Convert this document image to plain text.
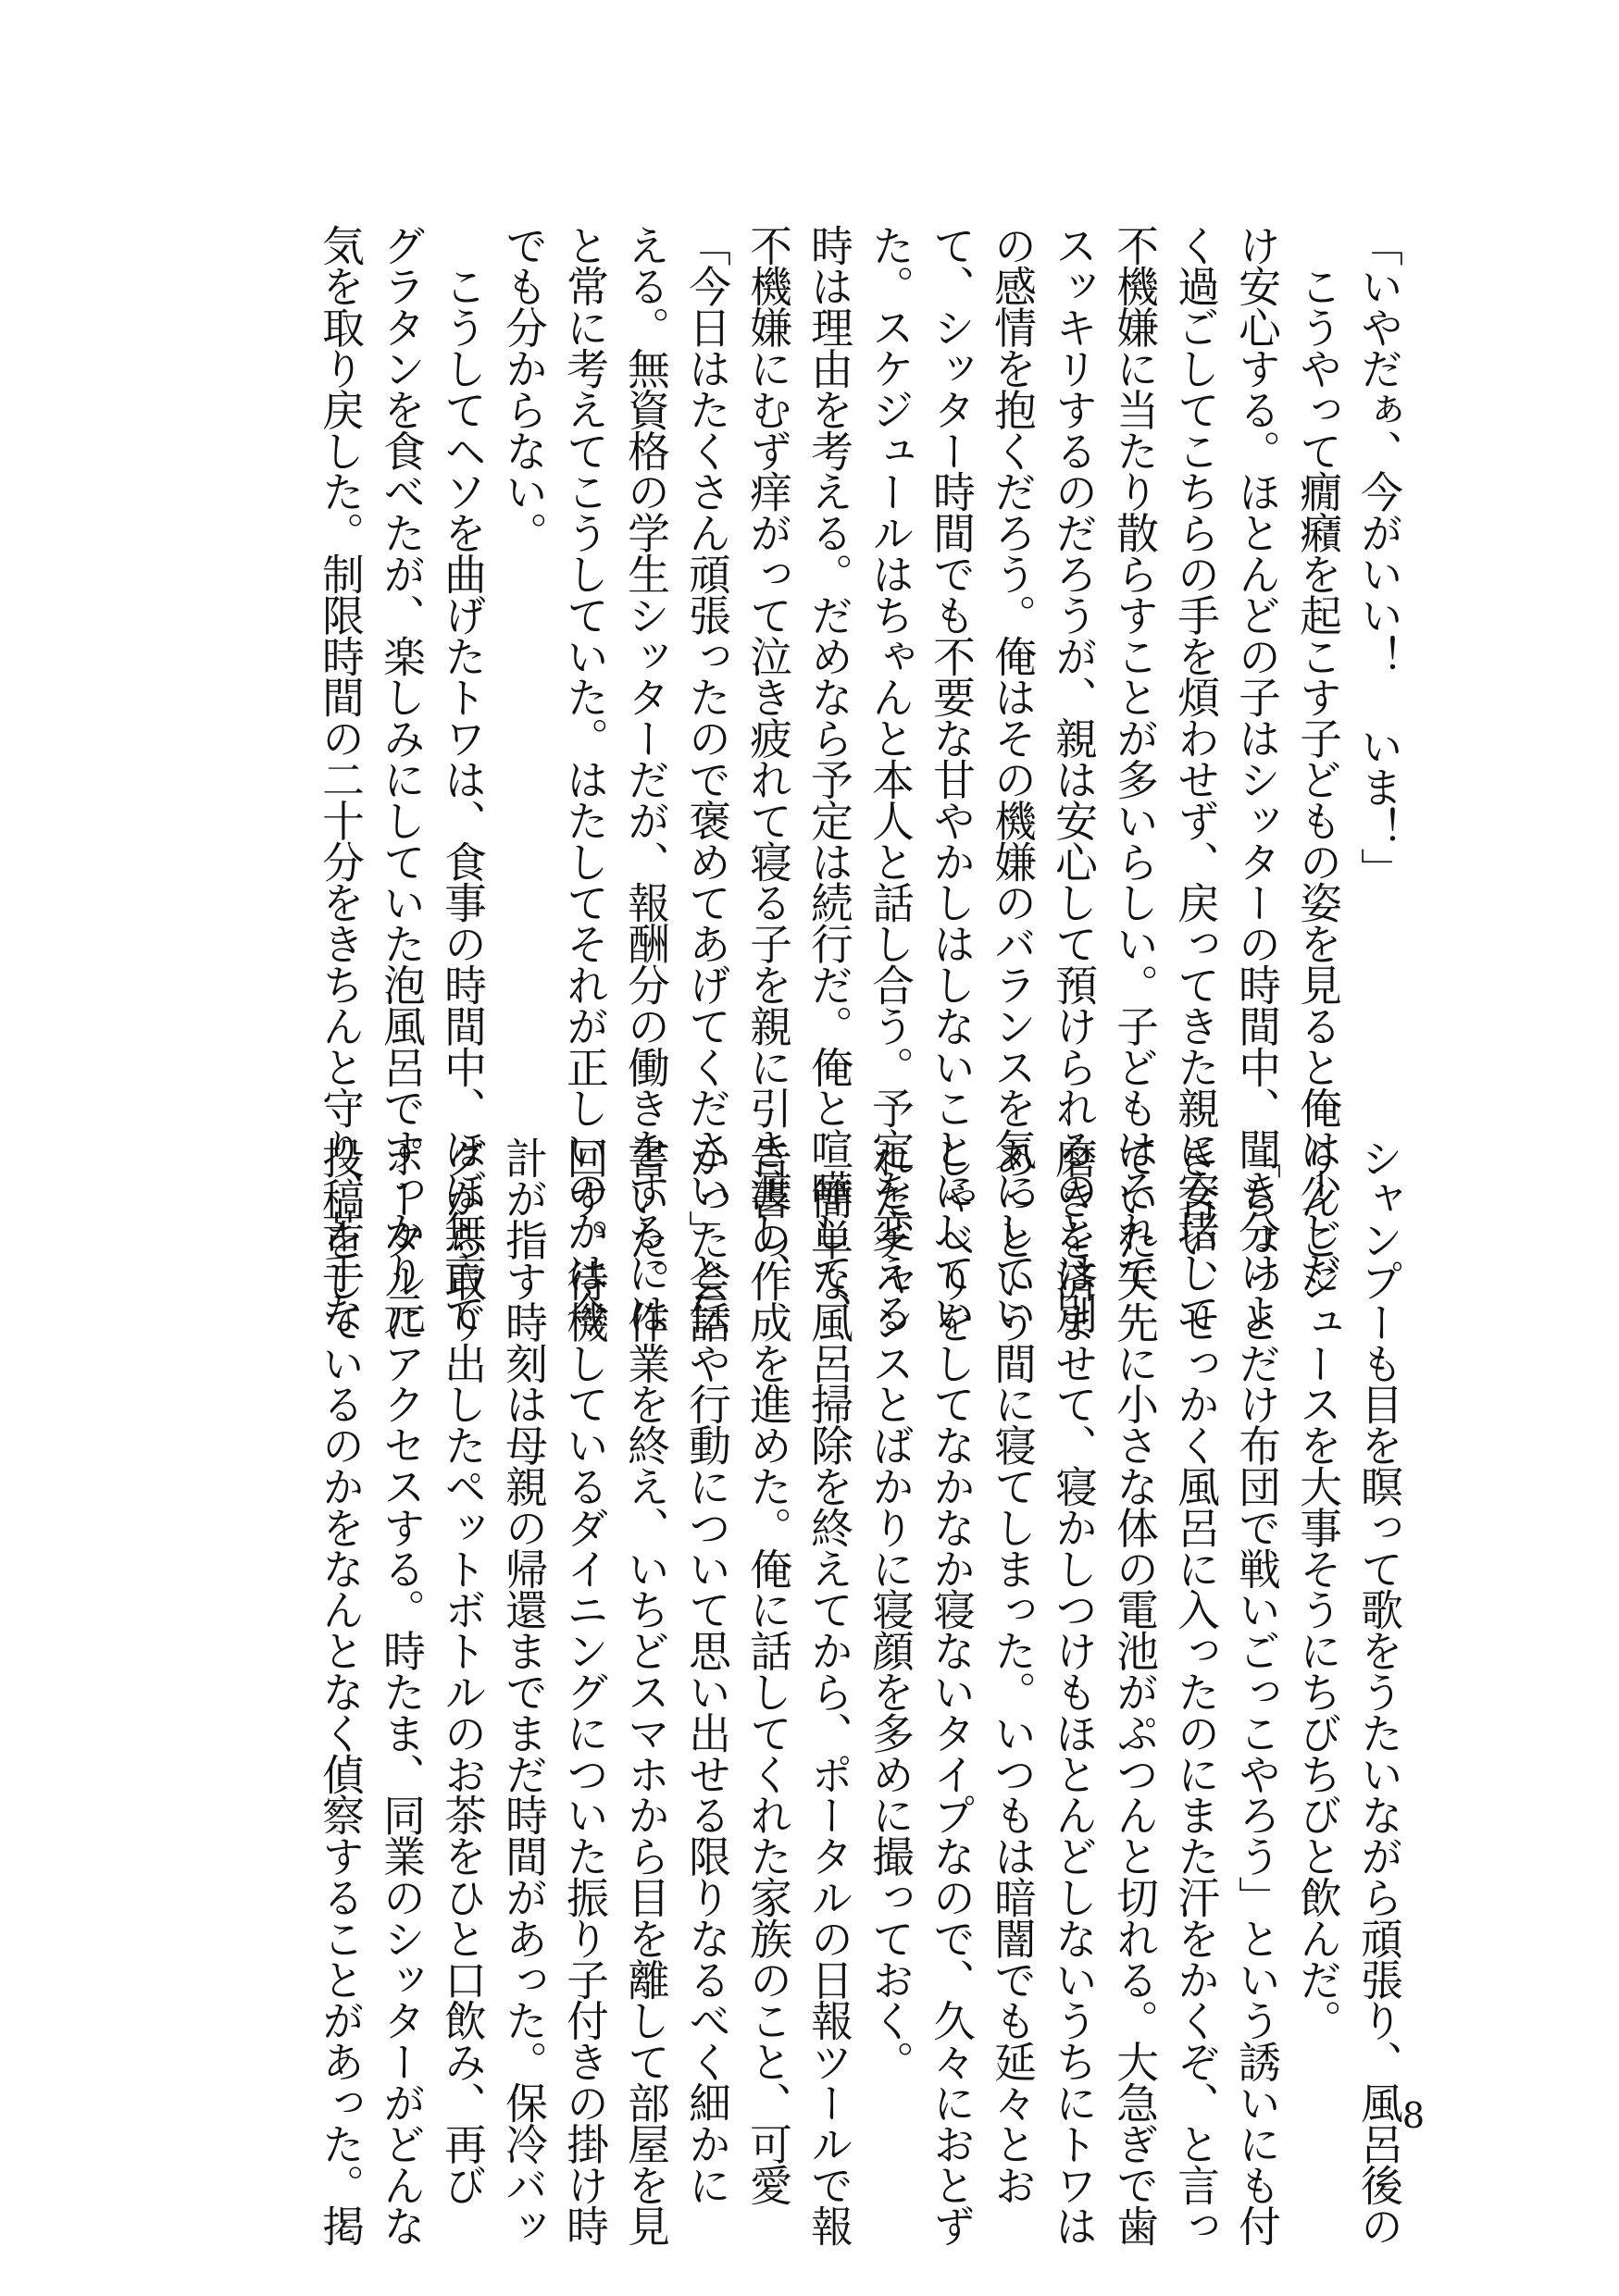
「いやだぁ、今がいい！ いま！」
　こうやって癇癪を起こす子どもの姿を見ると俺は少しだ
け安心する。ほとんどの子はシッターの時間中、聞き分けよ
く過ごしてこちらの手を煩わせず、戻ってきた親に安堵して
不機嫌に当たり散らすことが多いらしい。子どもはそれで
スッキリするのだろうが、親は安心して預けられるのとは別
の感情を抱くだろう。俺はその機嫌のバランスを気にしてい
て、シッター時間でも不要な甘やかしはしないことにしてい
た。スケジュールはちゃんと本人と話し合う。予定を変える
時は理由を考える。だめなら予定は続行だ。俺と喧嘩して、
不機嫌にむず痒がって泣き疲れて寝る子を親に引き渡し、
「今日はたくさん頑張ったので褒めてあげてください」と伝
える。無資格の学生シッターだが、報酬分の働きをするには
と常に考えてこうしていた。はたしてそれが正しいのかは今
でも分からない。
　こうしてヘソを曲げたトワは、食事の時間中、ほぼ無言で
グラタンを食べたが、楽しみにしていた泡風呂ですっかり元
気を取り戻した。制限時間の二十分をきちんと守り、苦手な
シャンプーも目を瞑って歌をうたいながら頑張り、風呂後の
りんごジュースを大事そうにちびちびと飲んだ。
「ちょっとだけ布団で戦いごっこやろう」という誘いにも付
き合い、せっかく風呂に入ったのにまた汗をかくぞ、と言っ
ていた矢先に小さな体の電池がぷつんと切れる。大急ぎで歯
磨きを済ませて、寝かしつけもほとんどしないうちにトワは
あっという間に寝てしまった。いつもは暗闇でも延々とお
しゃべりをしてなかなか寝ないタイプなので、久々におとず
れたチャンスとばかりに寝顔を多めに撮っておく。
　簡単な風呂掃除を終えてから、ポータルの日報ツールで報
告書の作成を進めた。俺に話してくれた家族のこと、可愛
かった会話や行動について思い出せる限りなるべく細かに
書いた。作業を終え、いちどスマホから目を離して部屋を見
回す。待機しているダイニングについた振り子付きの掛け時
計が指す時刻は母親の帰還までまだ時間があった。保冷バッ
グから取り出したペットボトルのお茶をひと口飲み、再び
ポータルにアクセスする。時たま、同業のシッターがどんな
投稿をしているのかをなんとなく偵察することがあった。掲	8
